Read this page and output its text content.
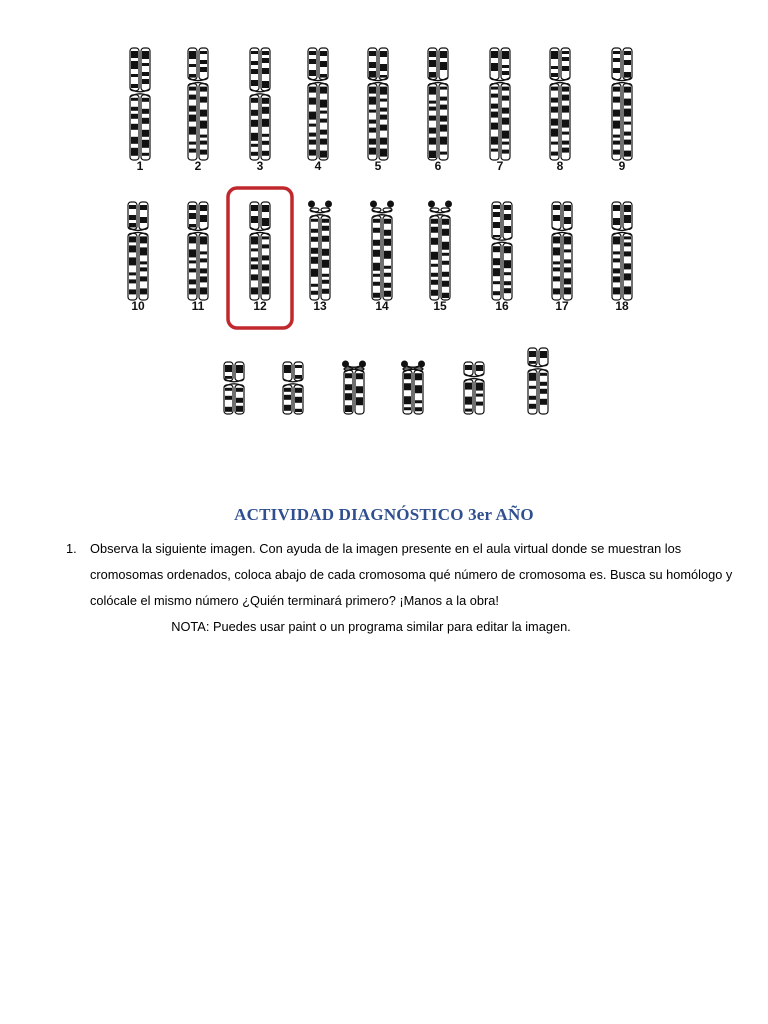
1	2	3	4	5	6	7	8	9
10	11	12	13	14	15	16	17	18
ACTIVIDAD DIAGNÓSTICO 3er AÑO
1. Observa la siguiente imagen. Con ayuda de la imagen presente en el aula virtual donde se muestran los cromosomas ordenados, coloca abajo de cada cromosoma qué número de cromosoma es. Busca su homólogo y colócale el mismo número ¿Quién terminará primero? ¡Manos a la obra!
NOTA: Puedes usar paint o un programa similar para editar la imagen.
